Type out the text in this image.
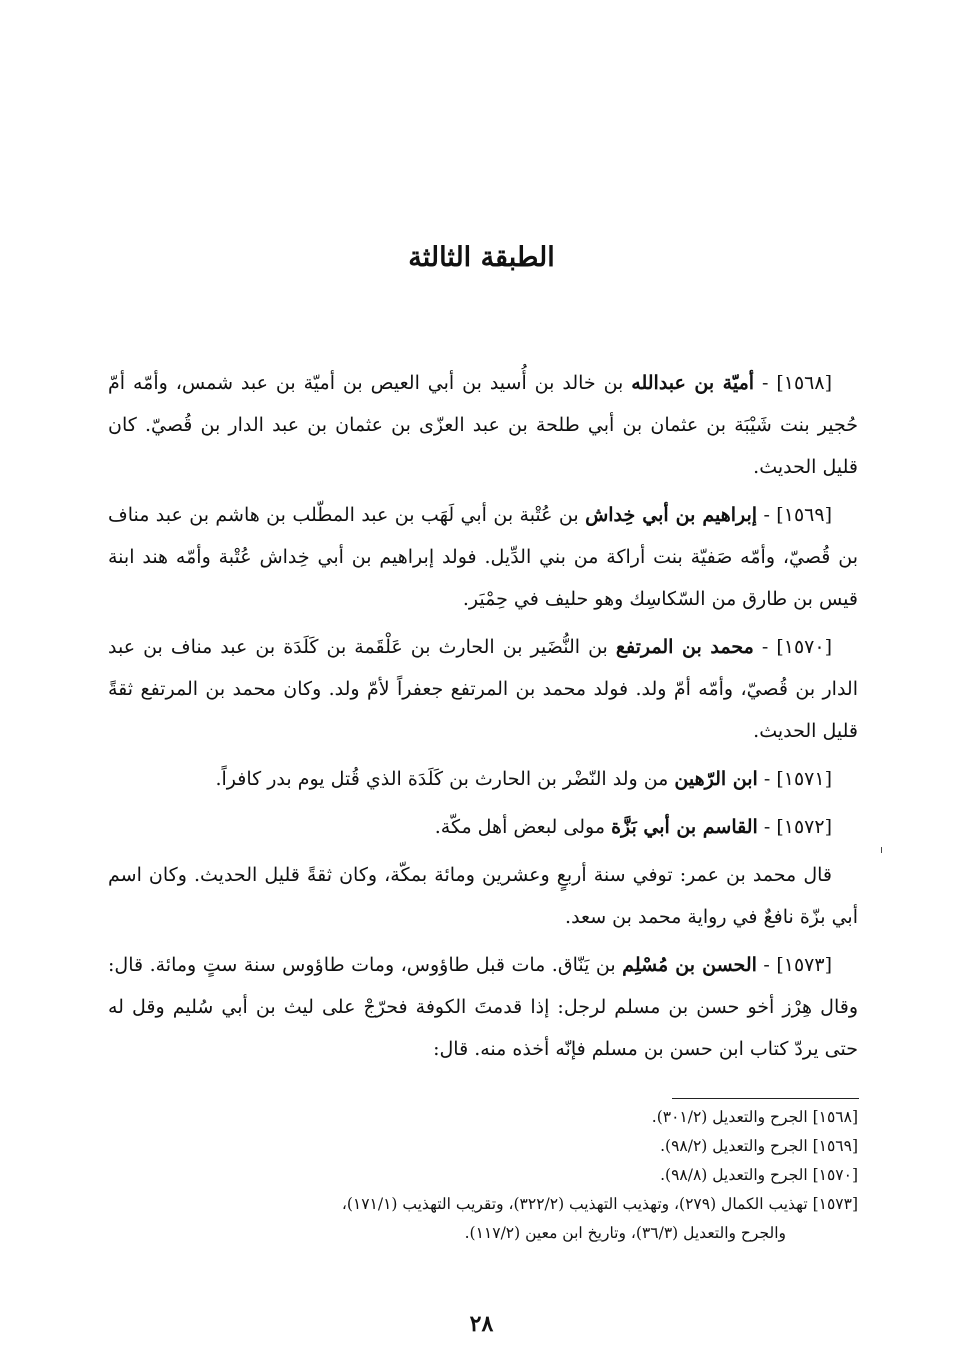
الطبقة الثالثة

[١٥٦٨] - أميّة بن عبدالله بن خالد بن أُسيد بن أبي العيص بن أميّة بن عبد شمس، وأمّه أمّ حُجير بنت شَيْبَة بن عثمان بن أبي طلحة بن عبد العزّى بن عثمان بن عبد الدار بن قُصيّ. كان قليل الحديث.

[١٥٦٩] - إبراهيم بن أبي خِداش بن عُتْبة بن أبي لَهَب بن عبد المطّلب بن هاشم بن عبد مناف بن قُصيّ، وأمّه صَفيّة بنت أراكة من بني الدِّيل. فولد إبراهيم بن أبي خِداش عُتْبة وأمّه هند ابنة قيس بن طارق من السّكاسِك وهو حليف في حِمْيَر.

[١٥٧٠] - محمد بن المرتفع بن النُّضَير بن الحارث بن عَلْقَمة بن كَلَدَة بن عبد مناف بن عبد الدار بن قُصيّ، وأمّه أمّ ولد. فولد محمد بن المرتفع جعفراً لأمّ ولد. وكان محمد بن المرتفع ثقةً قليل الحديث.

[١٥٧١] - ابن الرّهين من ولد النّضْر بن الحارث بن كَلَدَة الذي قُتل يوم بدر كافراً.

[١٥٧٢] - القاسم بن أبي بَزَّة مولى لبعض أهل مكّة.

قال محمد بن عمر: توفي سنة أربعٍ وعشرين ومائة بمكّة، وكان ثقةً قليل الحديث. وكان اسم أبي بزّة نافعٌ في رواية محمد بن سعد.

[١٥٧٣] - الحسن بن مُسْلِم بن يَنّاق. مات قبل طاؤوس، ومات طاؤوس سنة ستٍ ومائة. قال: وقال هِرْز أخو حسن بن مسلم لرجل: إذا قدمتَ الكوفة فحرّجْ على ليث بن أبي سُليم وقل له حتى يردّ كتاب ابن حسن بن مسلم فإنّه أخذه منه. قال:

[١٥٦٨] الجرح والتعديل (٣٠١/٢).

[١٥٦٩] الجرح والتعديل (٩٨/٢).

[١٥٧٠] الجرح والتعديل (٩٨/٨).

[١٥٧٣] تهذيب الكمال (٢٧٩)، وتهذيب التهذيب (٣٢٢/٢)، وتقريب التهذيب (١٧١/١)،

والجرح والتعديل (٣٦/٣)، وتاريخ ابن معين (١١٧/٢).

٢٨
